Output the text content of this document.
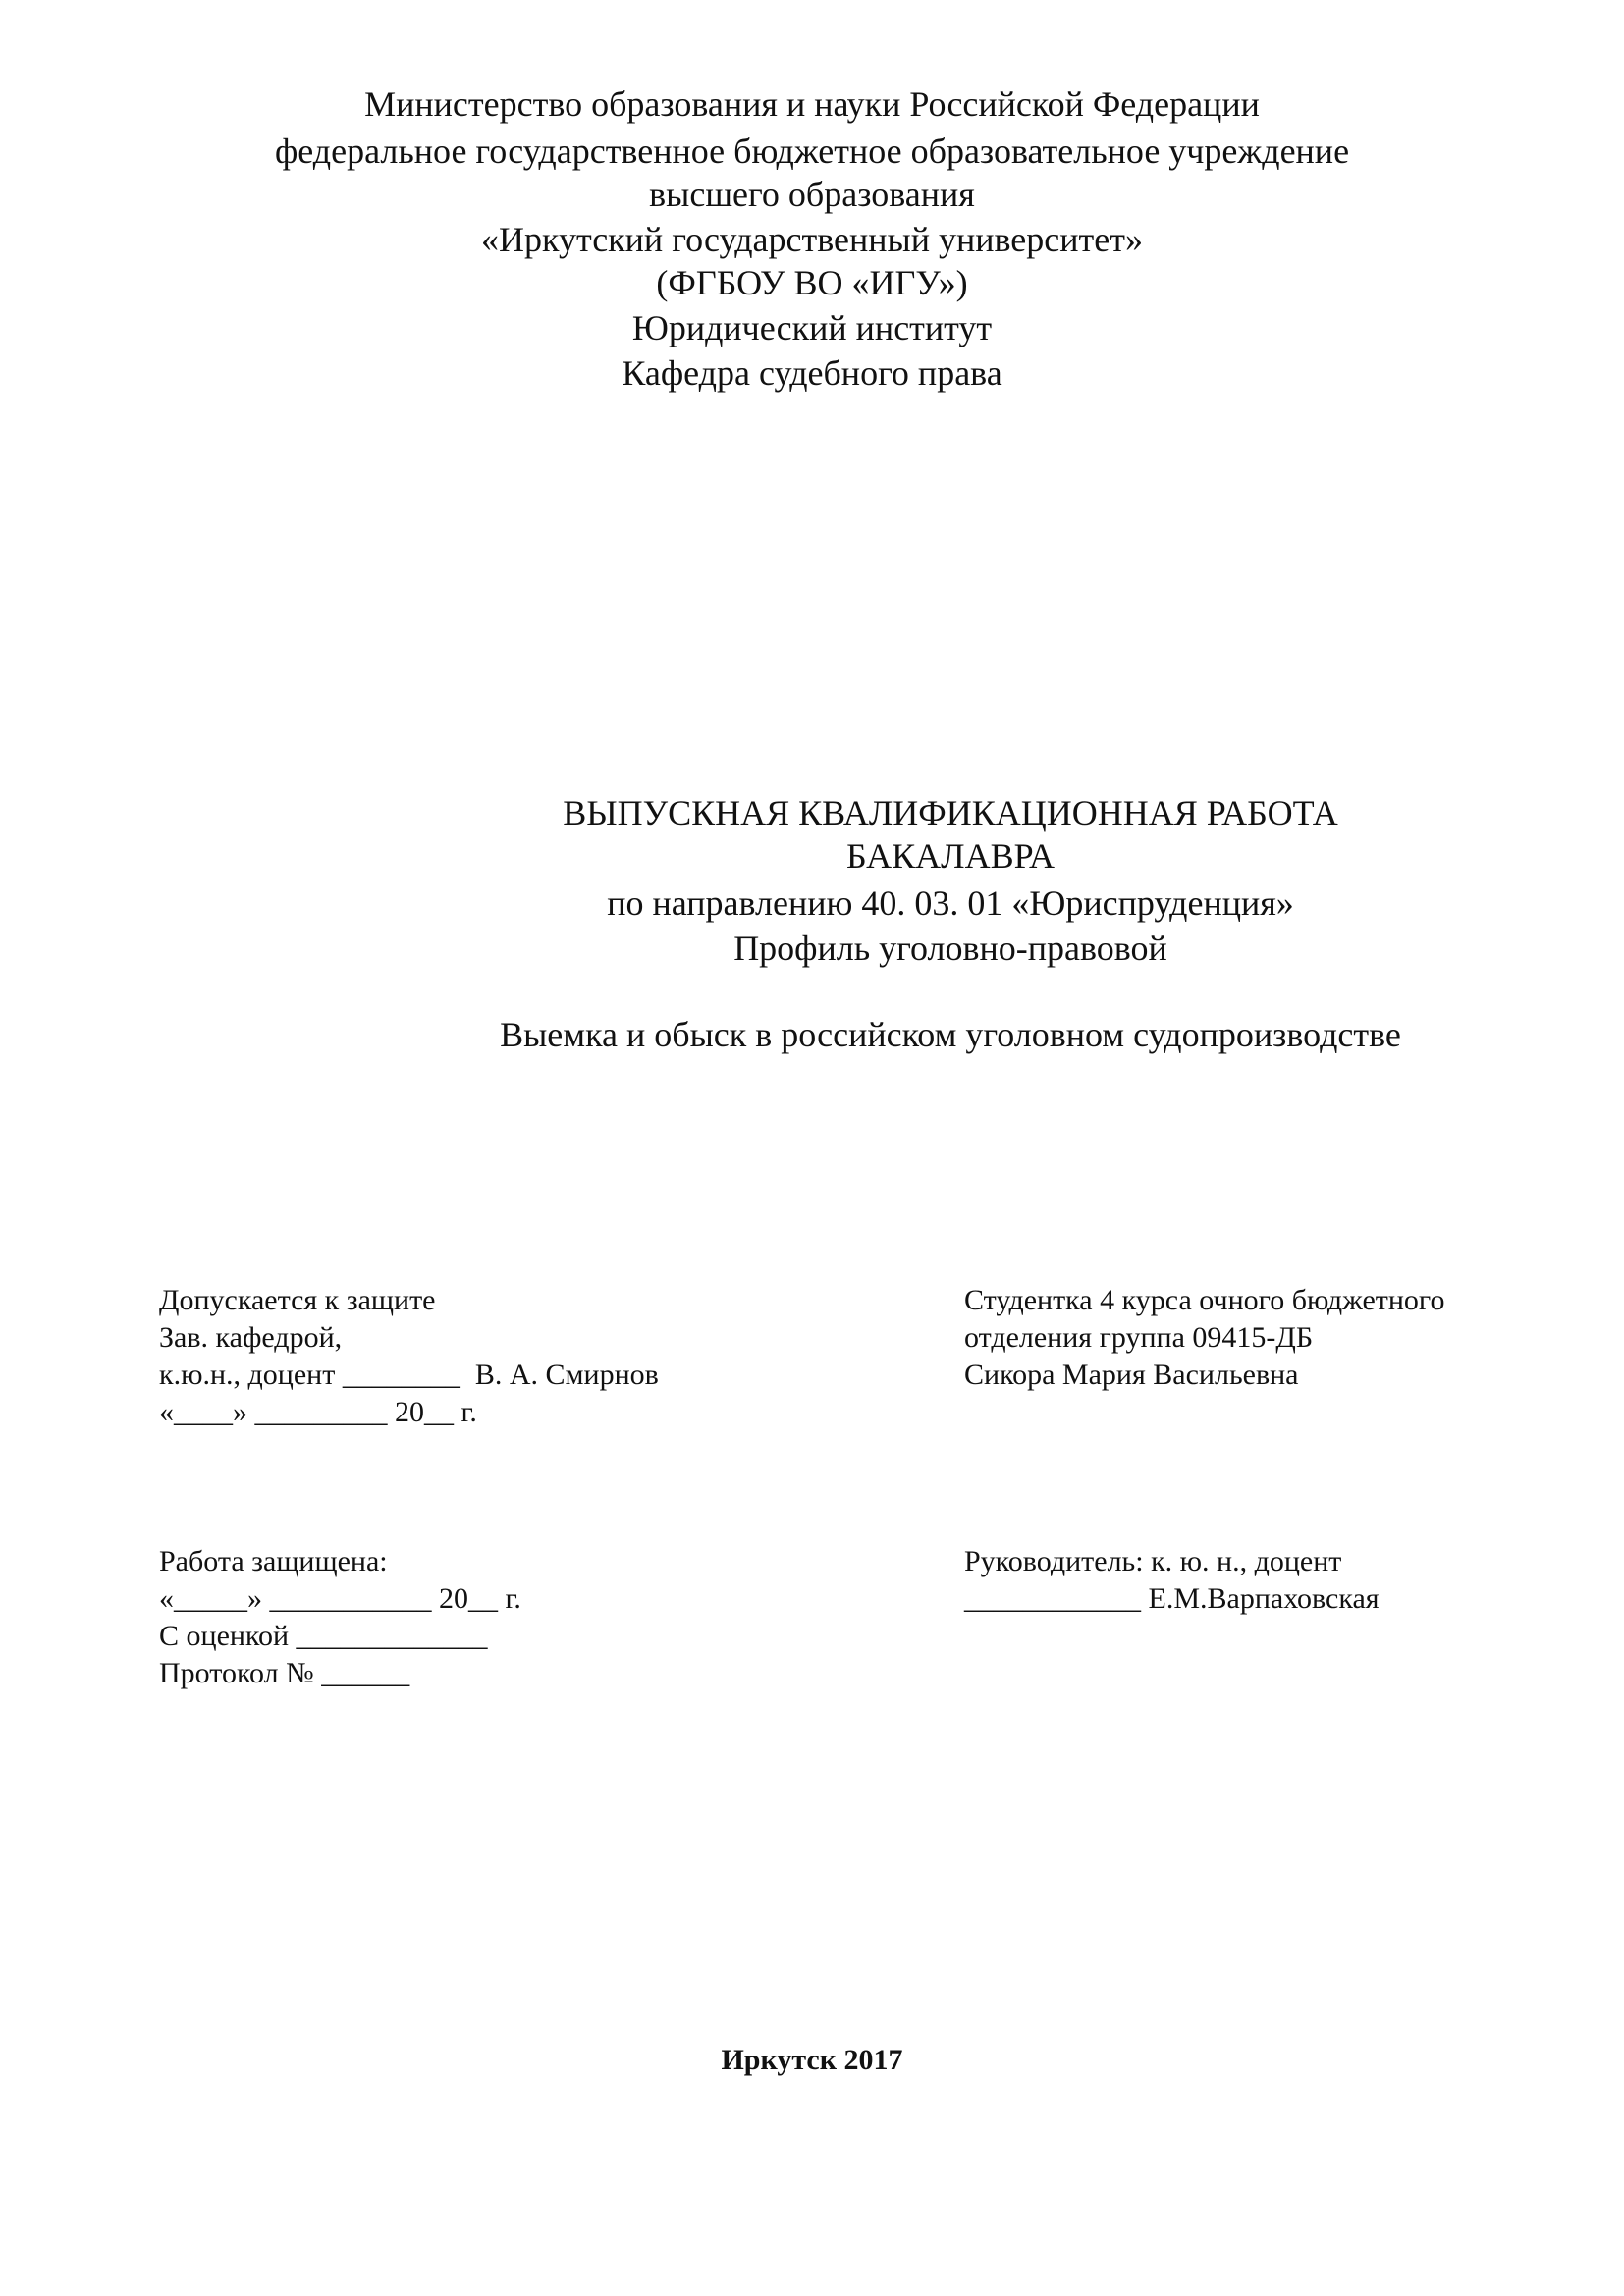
Министерство образования и науки Российской Федерации
федеральное государственное бюджетное образовательное учреждение
высшего образования
«Иркутский государственный университет»
(ФГБОУ ВО «ИГУ»)
Юридический институт
Кафедра судебного права
ВЫПУСКНАЯ КВАЛИФИКАЦИОННАЯ РАБОТА
БАКАЛАВРА
по направлению 40. 03. 01 «Юриспруденция»
Профиль уголовно-правовой
Выемка и обыск в российском уголовном судопроизводстве
Допускается к защите
Зав. кафедрой,
к.ю.н., доцент ________  В. А. Смирнов
«____» _________ 20__ г.
Студентка 4 курса очного бюджетного
отделения группа 09415-ДБ
Сикора Мария Васильевна
Работа защищена:
«_____» ___________ 20__ г.
С оценкой _____________
Протокол № ______
Руководитель: к. ю. н., доцент
____________ Е.М.Варпаховская
Иркутск 2017
